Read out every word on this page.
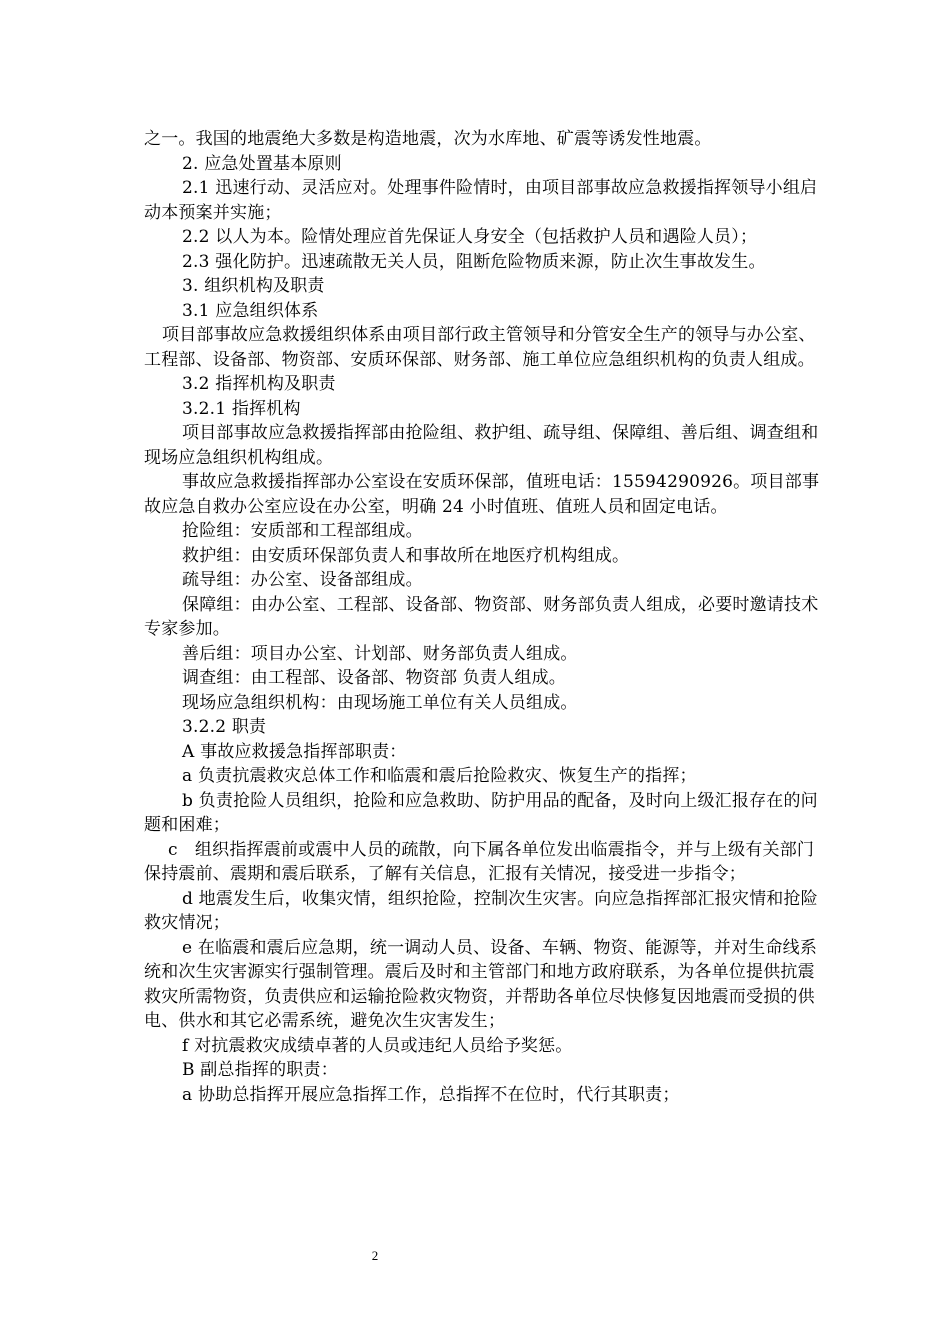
之一。我国的地震绝大多数是构造地震，次为水库地、矿震等诱发性地震。

2. 应急处置基本原则

2.1 迅速行动、灵活应对。处理事件险情时，由项目部事故应急救援指挥领导小组启动本预案并实施；

2.2 以人为本。险情处理应首先保证人身安全（包括救护人员和遇险人员）；

2.3 强化防护。迅速疏散无关人员，阻断危险物质来源，防止次生事故发生。

3. 组织机构及职责

3.1 应急组织体系

项目部事故应急救援组织体系由项目部行政主管领导和分管安全生产的领导与办公室、工程部、设备部、物资部、安质环保部、财务部、施工单位应急组织机构的负责人组成。

3.2 指挥机构及职责

3.2.1 指挥机构

项目部事故应急救援指挥部由抢险组、救护组、疏导组、保障组、善后组、调查组和现场应急组织机构组成。

事故应急救援指挥部办公室设在安质环保部，值班电话：15594290926。项目部事故应急自救办公室应设在办公室，明确 24 小时值班、值班人员和固定电话。

抢险组：安质部和工程部组成。

救护组：由安质环保部负责人和事故所在地医疗机构组成。

疏导组：办公室、设备部组成。

保障组：由办公室、工程部、设备部、物资部、财务部负责人组成，必要时邀请技术专家参加。

善后组：项目办公室、计划部、财务部负责人组成。

调查组：由工程部、设备部、物资部 负责人组成。

现场应急组织机构：由现场施工单位有关人员组成。

3.2.2 职责

A 事故应救援急指挥部职责：

a 负责抗震救灾总体工作和临震和震后抢险救灾、恢复生产的指挥；

b 负责抢险人员组织，抢险和应急救助、防护用品的配备，及时向上级汇报存在的问题和困难；

c　组织指挥震前或震中人员的疏散，向下属各单位发出临震指令，并与上级有关部门保持震前、震期和震后联系，了解有关信息，汇报有关情况，接受进一步指令；

d 地震发生后，收集灾情，组织抢险，控制次生灾害。向应急指挥部汇报灾情和抢险救灾情况；

e 在临震和震后应急期，统一调动人员、设备、车辆、物资、能源等，并对生命线系统和次生灾害源实行强制管理。震后及时和主管部门和地方政府联系，为各单位提供抗震救灾所需物资，负责供应和运输抢险救灾物资，并帮助各单位尽快修复因地震而受损的供电、供水和其它必需系统，避免次生灾害发生；

f 对抗震救灾成绩卓著的人员或违纪人员给予奖惩。

B 副总指挥的职责：

a 协助总指挥开展应急指挥工作，总指挥不在位时，代行其职责；

2
